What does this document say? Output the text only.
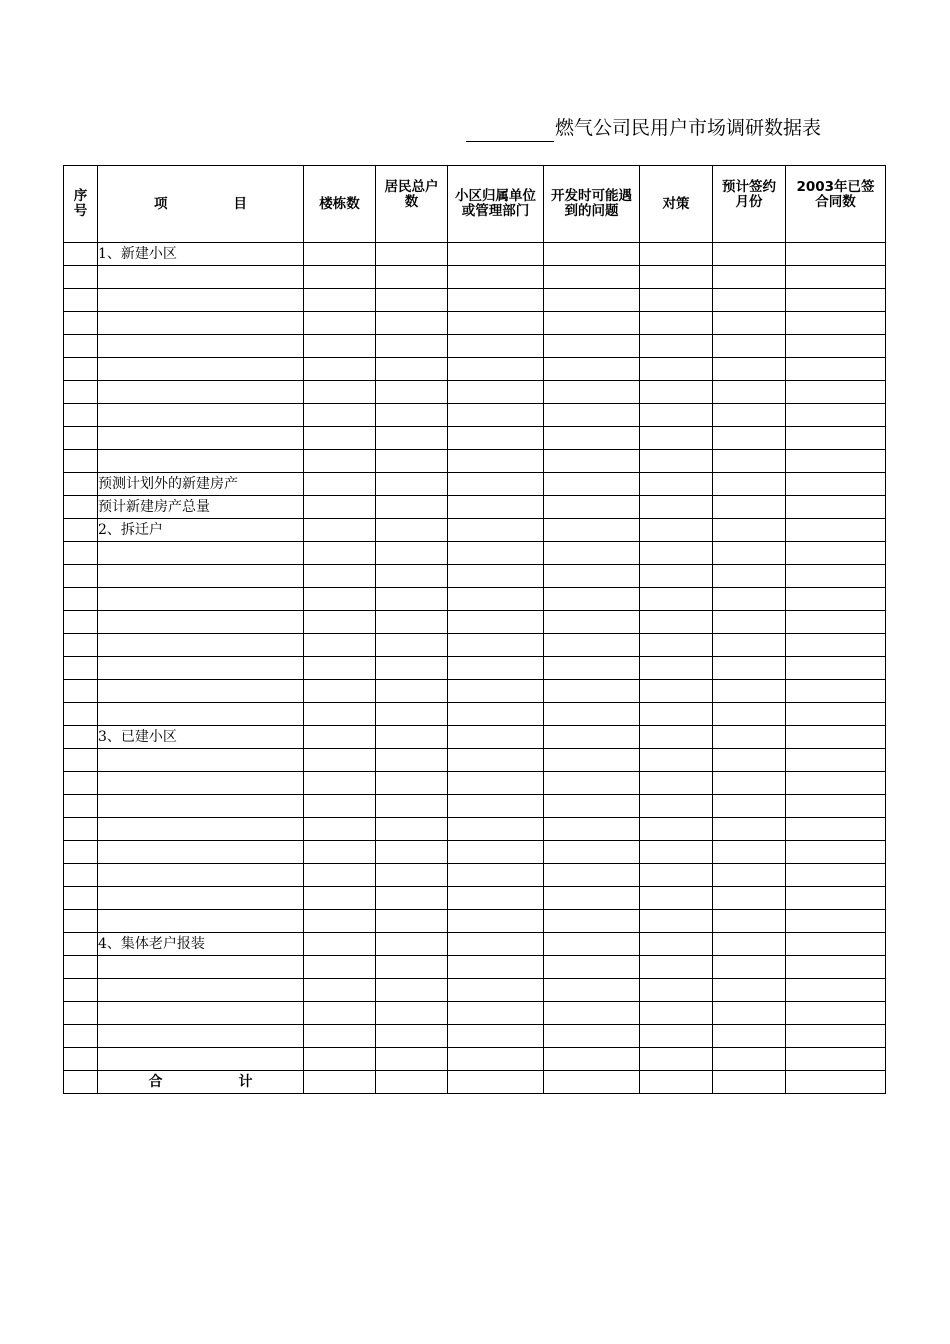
燃气公司民用户市场调研数据表
序号	项 目	楼栋数	居民总户数	小区归属单位或管理部门	开发时可能遇到的问题	对策	预计签约月份	2003年已签合同数

	1、新建小区							

	预测计划外的新建房产							
	预计新建房产总量							
	2、拆迁户							

	3、已建小区							

	4、集体老户报装							

	合 计							
